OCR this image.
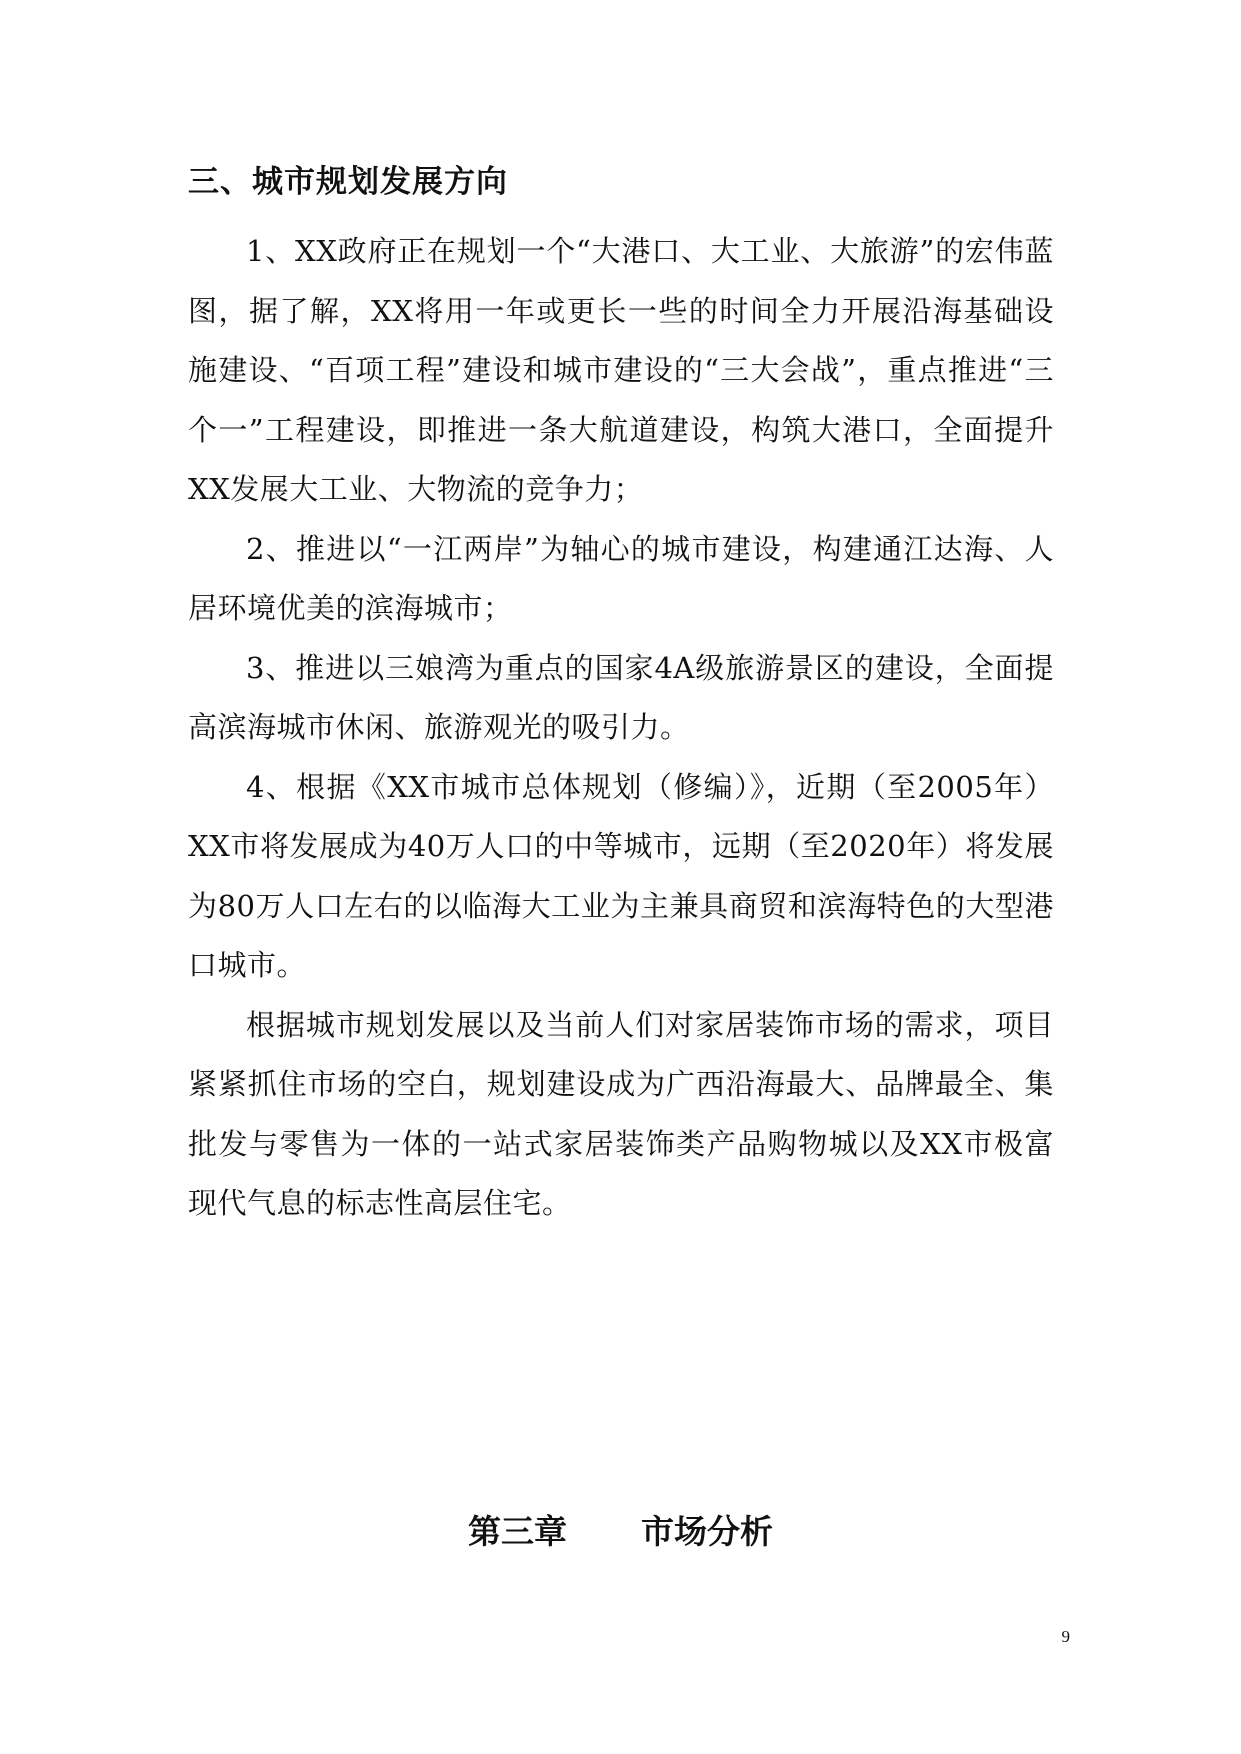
三、城市规划发展方向

1、XX政府正在规划一个“大港口、大工业、大旅游”的宏伟蓝图，据了解，XX将用一年或更长一些的时间全力开展沿海基础设施建设、“百项工程”建设和城市建设的“三大会战”，重点推进“三个一”工程建设，即推进一条大航道建设，构筑大港口，全面提升XX发展大工业、大物流的竞争力；

2、推进以“一江两岸”为轴心的城市建设，构建通江达海、人居环境优美的滨海城市；

3、推进以三娘湾为重点的国家4A级旅游景区的建设，全面提高滨海城市休闲、旅游观光的吸引力。

4、根据《XX市城市总体规划（修编）》，近期（至2005年）XX市将发展成为40万人口的中等城市，远期（至2020年）将发展为80万人口左右的以临海大工业为主兼具商贸和滨海特色的大型港口城市。

根据城市规划发展以及当前人们对家居装饰市场的需求，项目紧紧抓住市场的空白，规划建设成为广西沿海最大、品牌最全、集批发与零售为一体的一站式家居装饰类产品购物城以及XX市极富现代气息的标志性高层住宅。

第三章 市场分析
9
